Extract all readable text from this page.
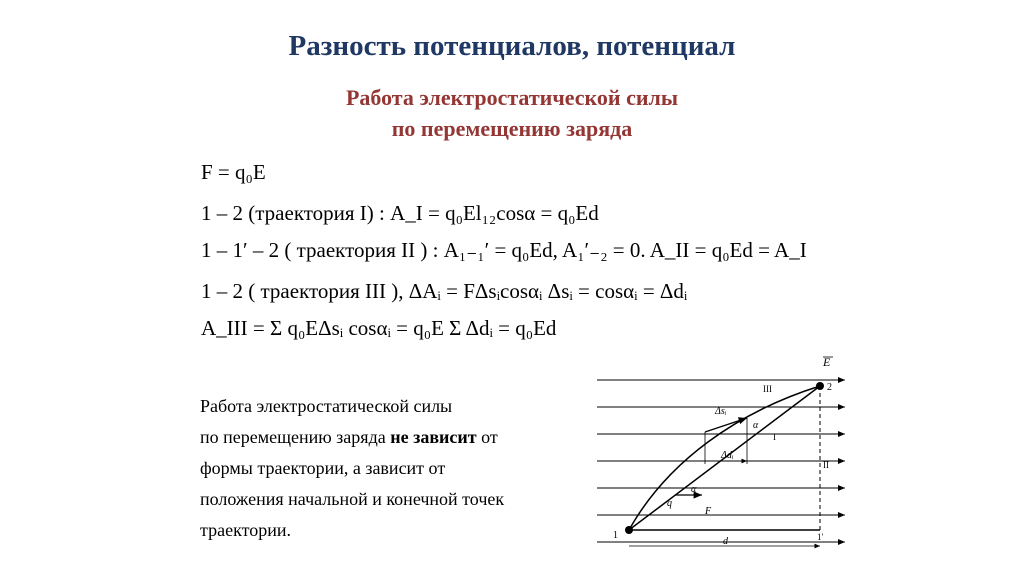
Разность потенциалов, потенциал
Работа электростатической силы
по перемещению заряда
F = q₀E
1 – 2 (траектория I) : A_I = q₀El₁₂cosα = q₀Ed
1 – 1′ – 2 ( траектория II ) : A₁₋₁′ = q₀Ed, A₁′₋₂ = 0. A_II = q₀Ed = A_I
1 – 2 ( траектория III ), ΔAᵢ = FΔsᵢcosαᵢ Δsᵢ = cosαᵢ = Δdᵢ
A_III = Σ q₀EΔsᵢ cosαᵢ = q₀E Σ Δdᵢ = q₀Ed
Работа электростатической силы
по перемещению заряда не зависит от
формы траектории, а зависит от
положения начальной и конечной точек
траектории.
E
2
1	1′
III
I
II
Δsᵢ
Δdᵢ
α
α
q
F
d
